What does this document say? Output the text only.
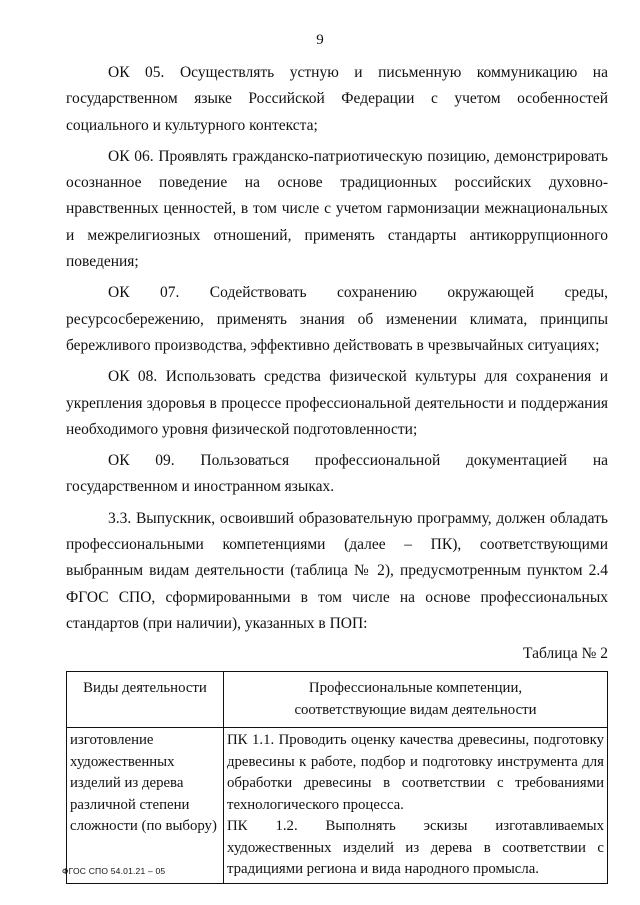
9

ОК 05. Осуществлять устную и письменную коммуникацию на государственном языке Российской Федерации с учетом особенностей социального и культурного контекста;

ОК 06. Проявлять гражданско-патриотическую позицию, демонстрировать осознанное поведение на основе традиционных российских духовно-нравственных ценностей, в том числе с учетом гармонизации межнациональных и межрелигиозных отношений, применять стандарты антикоррупционного поведения;

ОК 07. Содействовать сохранению окружающей среды, ресурсосбережению, применять знания об изменении климата, принципы бережливого производства, эффективно действовать в чрезвычайных ситуациях;

ОК 08. Использовать средства физической культуры для сохранения и укрепления здоровья в процессе профессиональной деятельности и поддержания необходимого уровня физической подготовленности;

ОК 09. Пользоваться профессиональной документацией на государственном и иностранном языках.

3.3. Выпускник, освоивший образовательную программу, должен обладать профессиональными компетенциями (далее – ПК), соответствующими выбранным видам деятельности (таблица № 2), предусмотренным пунктом 2.4 ФГОС СПО, сформированными в том числе на основе профессиональных стандартов (при наличии), указанных в ПОП:

Таблица № 2

Виды деятельности	Профессиональные компетенции,
соответствующие видам деятельности

изготовление художественных изделий из дерева различной степени сложности (по выбору)	ПК 1.1. Проводить оценку качества древесины, подготовку древесины к работе, подбор и подготовку инструмента для обработки древесины в соответствии с требованиями технологического процесса.

ПК 1.2. Выполнять эскизы изготавливаемых художественных изделий из дерева в соответствии с традициями региона и вида народного промысла.

ФГОС СПО 54.01.21 – 05
